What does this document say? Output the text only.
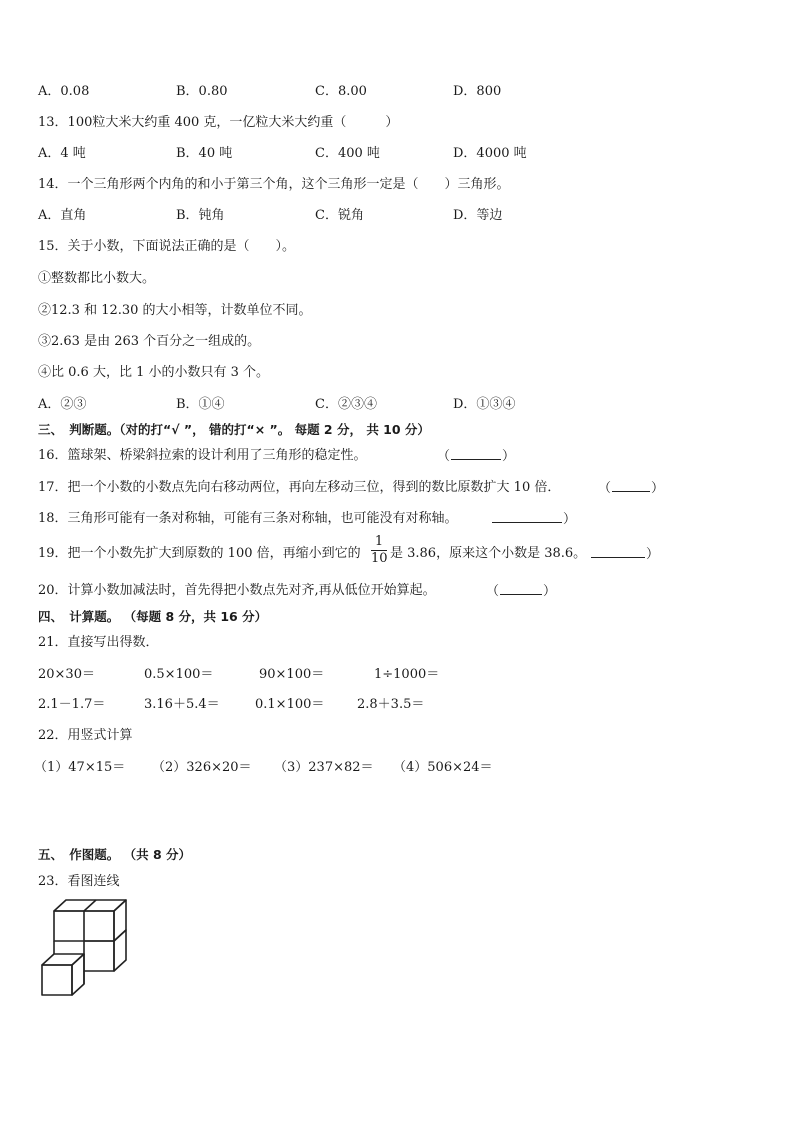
A．0.08	B．0.80	C．8.00	D．800
13．100粒大米大约重 400 克，一亿粒大米大约重（　　　）
A．4 吨	B．40 吨	C．400 吨	D．4000 吨
14．一个三角形两个内角的和小于第三个角，这个三角形一定是（　　）三角形。
A．直角	B．钝角	C．锐角	D．等边
15．关于小数，下面说法正确的是（　　）。
①整数都比小数大。
②12.3 和 12.30 的大小相等，计数单位不同。
③2.63 是由 263 个百分之一组成的。
④比 0.6 大，比 1 小的小数只有 3 个。
A．②③	B．①④	C．②③④	D．①③④
三、　判断题。（对的打“√ ”， 错的打“× ”。 每题 2 分， 共 10 分）
16．篮球架、桥梁斜拉索的设计利用了三角形的稳定性。	（	）
17．把一个小数的小数点先向右移动两位，再向左移动三位，得到的数比原数扩大 10 倍．	（	）
18．三角形可能有一条对称轴，可能有三条对称轴，也可能没有对称轴。	）
19．把一个小数先扩大到原数的 100 倍，再缩小到它的 $\frac{1}{10}$ 是 3.86，原来这个小数是 38.6。	）
20．计算小数加减法时，首先得把小数点先对齐,再从低位开始算起。	（	）
四、　计算题。 （每题 8 分，共 16 分）
21．直接写出得数．
20×30＝	0.5×100＝	90×100＝	1÷1000＝
2.1－1.7＝	3.16＋5.4＝	0.1×100＝	2.8＋3.5＝
22．用竖式计算
（1）47×15＝ （2）326×20＝ （3）237×82＝ （4）506×24＝
五、　作图题。 （共 8 分）
23．看图连线
